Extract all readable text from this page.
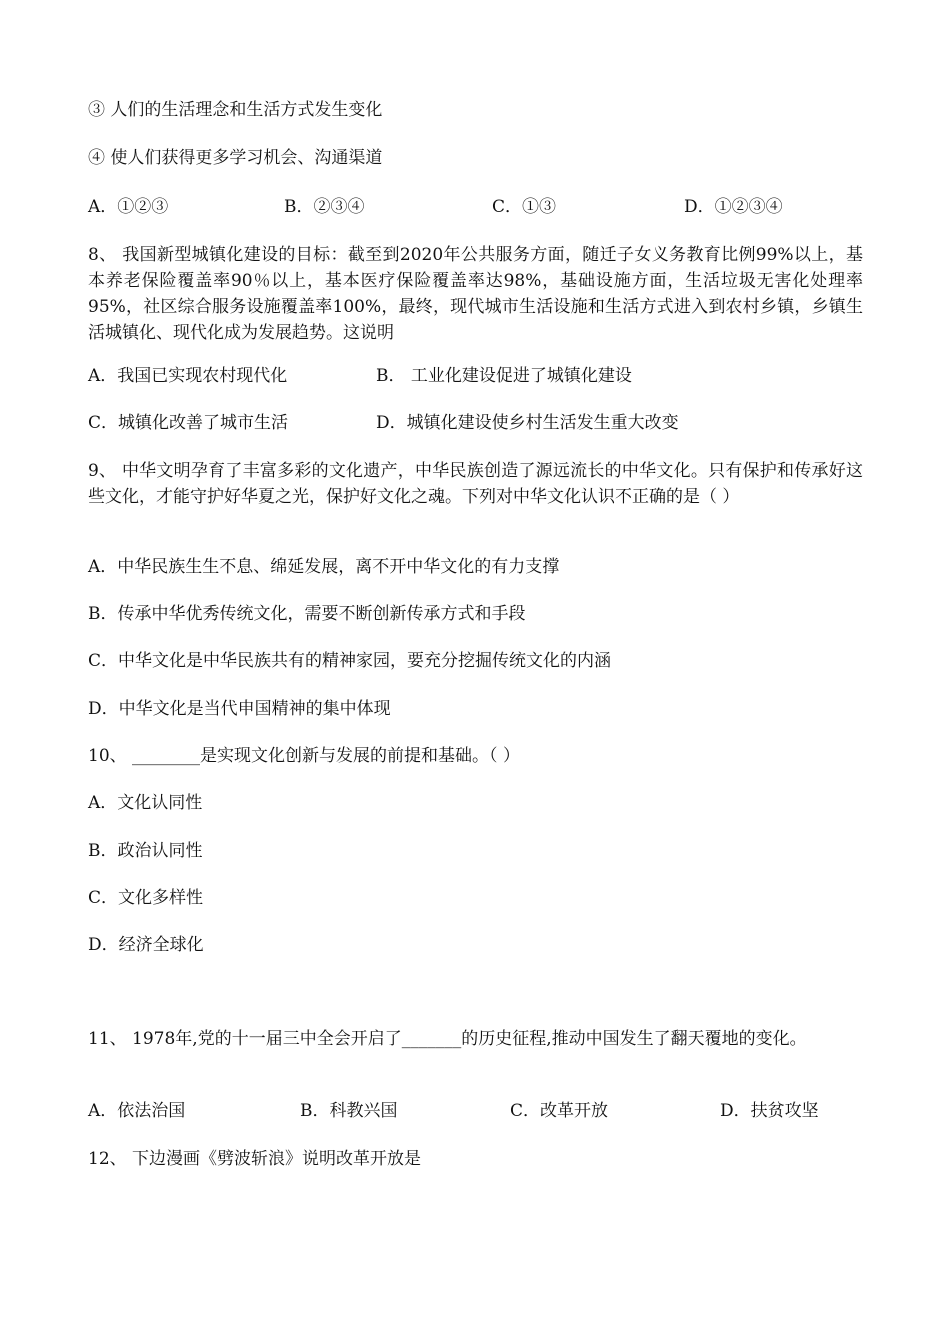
③ 人们的生活理念和生活方式发生变化
④ 使人们获得更多学习机会、沟通渠道
A．①②③	B．②③④	C．①③	D．①②③④
8、 我国新型城镇化建设的目标：截至到2020年公共服务方面，随迁子女义务教育比例99%以上，基本养老保险覆盖率90％以上，基本医疗保险覆盖率达98%，基础设施方面，生活垃圾无害化处理率95%，社区综合服务设施覆盖率100%，最终，现代城市生活设施和生活方式进入到农村乡镇，乡镇生活城镇化、现代化成为发展趋势。这说明
A．我国已实现农村现代化	B． 工业化建设促进了城镇化建设
C．城镇化改善了城市生活	D．城镇化建设使乡村生活发生重大改变
9、 中华文明孕育了丰富多彩的文化遗产，中华民族创造了源远流长的中华文化。只有保护和传承好这些文化，才能守护好华夏之光，保护好文化之魂。下列对中华文化认识不正确的是（ ）
A．中华民族生生不息、绵延发展，离不开中华文化的有力支撑
B．传承中华优秀传统文化，需要不断创新传承方式和手段
C．中华文化是中华民族共有的精神家园，要充分挖掘传统文化的内涵
D．中华文化是当代申国精神的集中体现
10、 ________是实现文化创新与发展的前提和基础。（ ）
A．文化认同性
B．政治认同性
C．文化多样性
D．经济全球化
11、 1978年,党的十一届三中全会开启了_______的历史征程,推动中国发生了翻天覆地的变化。
A．依法治国	B．科教兴国	C．改革开放	D．扶贫攻坚
12、 下边漫画《劈波斩浪》说明改革开放是
